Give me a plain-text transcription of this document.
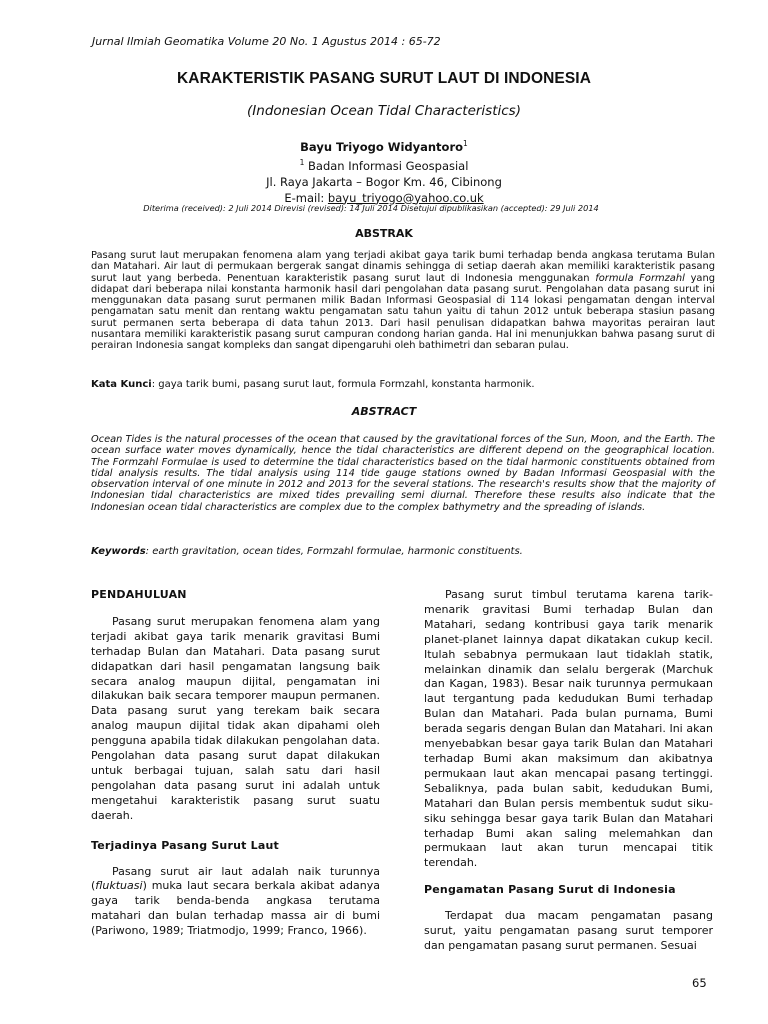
Jurnal Ilmiah Geomatika Volume 20 No. 1 Agustus 2014 : 65-72
KARAKTERISTIK PASANG SURUT LAUT DI INDONESIA
(Indonesian Ocean Tidal Characteristics)
Bayu Triyogo Widyantoro$^1$
$^1$ Badan Informasi Geospasial
Jl. Raya Jakarta – Bogor Km. 46, Cibinong
E-mail: bayu_triyogo@yahoo.co.uk
Diterima (received): 2 Juli 2014 Direvisi (revised): 14 Juli 2014 Disetujui dipublikasikan (accepted): 29 Juli 2014
ABSTRAK
Pasang surut laut merupakan fenomena alam yang terjadi akibat gaya tarik bumi terhadap benda angkasa terutama Bulan dan Matahari. Air laut di permukaan bergerak sangat dinamis sehingga di setiap daerah akan memiliki karakteristik pasang surut laut yang berbeda. Penentuan karakteristik pasang surut laut di Indonesia menggunakan formula Formzahl yang didapat dari beberapa nilai konstanta harmonik hasil dari pengolahan data pasang surut. Pengolahan data pasang surut ini menggunakan data pasang surut permanen milik Badan Informasi Geospasial di 114 lokasi pengamatan dengan interval pengamatan satu menit dan rentang waktu pengamatan satu tahun yaitu di tahun 2012 untuk beberapa stasiun pasang surut permanen serta beberapa di data tahun 2013. Dari hasil penulisan didapatkan bahwa mayoritas perairan laut nusantara memiliki karakteristik pasang surut campuran condong harian ganda. Hal ini menunjukkan bahwa pasang surut di perairan Indonesia sangat kompleks dan sangat dipengaruhi oleh bathimetri dan sebaran pulau.
Kata Kunci: gaya tarik bumi, pasang surut laut, formula Formzahl, konstanta harmonik.
ABSTRACT
Ocean Tides is the natural processes of the ocean that caused by the gravitational forces of the Sun, Moon, and the Earth. The ocean surface water moves dynamically, hence the tidal characteristics are different depend on the geographical location. The Formzahl Formulae is used to determine the tidal characteristics based on the tidal harmonic constituents obtained from tidal analysis results. The tidal analysis using 114 tide gauge stations owned by Badan Informasi Geospasial with the observation interval of one minute in 2012 and 2013 for the several stations. The research's results show that the majority of Indonesian tidal characteristics are mixed tides prevailing semi diurnal. Therefore these results also indicate that the Indonesian ocean tidal characteristics are complex due to the complex bathymetry and the spreading of islands.
Keywords: earth gravitation, ocean tides, Formzahl formulae, harmonic constituents.
PENDAHULUAN

Pasang surut merupakan fenomena alam yang terjadi akibat gaya tarik menarik gravitasi Bumi terhadap Bulan dan Matahari. Data pasang surut didapatkan dari hasil pengamatan langsung baik secara analog maupun dijital, pengamatan ini dilakukan baik secara temporer maupun permanen. Data pasang surut yang terekam baik secara analog maupun dijital tidak akan dipahami oleh pengguna apabila tidak dilakukan pengolahan data. Pengolahan data pasang surut dapat dilakukan untuk berbagai tujuan, salah satu dari hasil pengolahan data pasang surut ini adalah untuk mengetahui karakteristik pasang surut suatu daerah.

Terjadinya Pasang Surut Laut

Pasang surut air laut adalah naik turunnya (fluktuasi) muka laut secara berkala akibat adanya gaya tarik benda-benda angkasa terutama matahari dan bulan terhadap massa air di bumi (Pariwono, 1989; Triatmodjo, 1999; Franco, 1966).

Pasang surut timbul terutama karena tarik-menarik gravitasi Bumi terhadap Bulan dan Matahari, sedang kontribusi gaya tarik menarik planet-planet lainnya dapat dikatakan cukup kecil. Itulah sebabnya permukaan laut tidaklah statik, melainkan dinamik dan selalu bergerak (Marchuk dan Kagan, 1983). Besar naik turunnya permukaan laut tergantung pada kedudukan Bumi terhadap Bulan dan Matahari. Pada bulan purnama, Bumi berada segaris dengan Bulan dan Matahari. Ini akan menyebabkan besar gaya tarik Bulan dan Matahari terhadap Bumi akan maksimum dan akibatnya permukaan laut akan mencapai pasang tertinggi. Sebaliknya, pada bulan sabit, kedudukan Bumi, Matahari dan Bulan persis membentuk sudut siku-siku sehingga besar gaya tarik Bulan dan Matahari terhadap Bumi akan saling melemahkan dan permukaan laut akan turun mencapai titik terendah.

Pengamatan Pasang Surut di Indonesia

Terdapat dua macam pengamatan pasang surut, yaitu pengamatan pasang surut temporer dan pengamatan pasang surut permanen. Sesuai

65
